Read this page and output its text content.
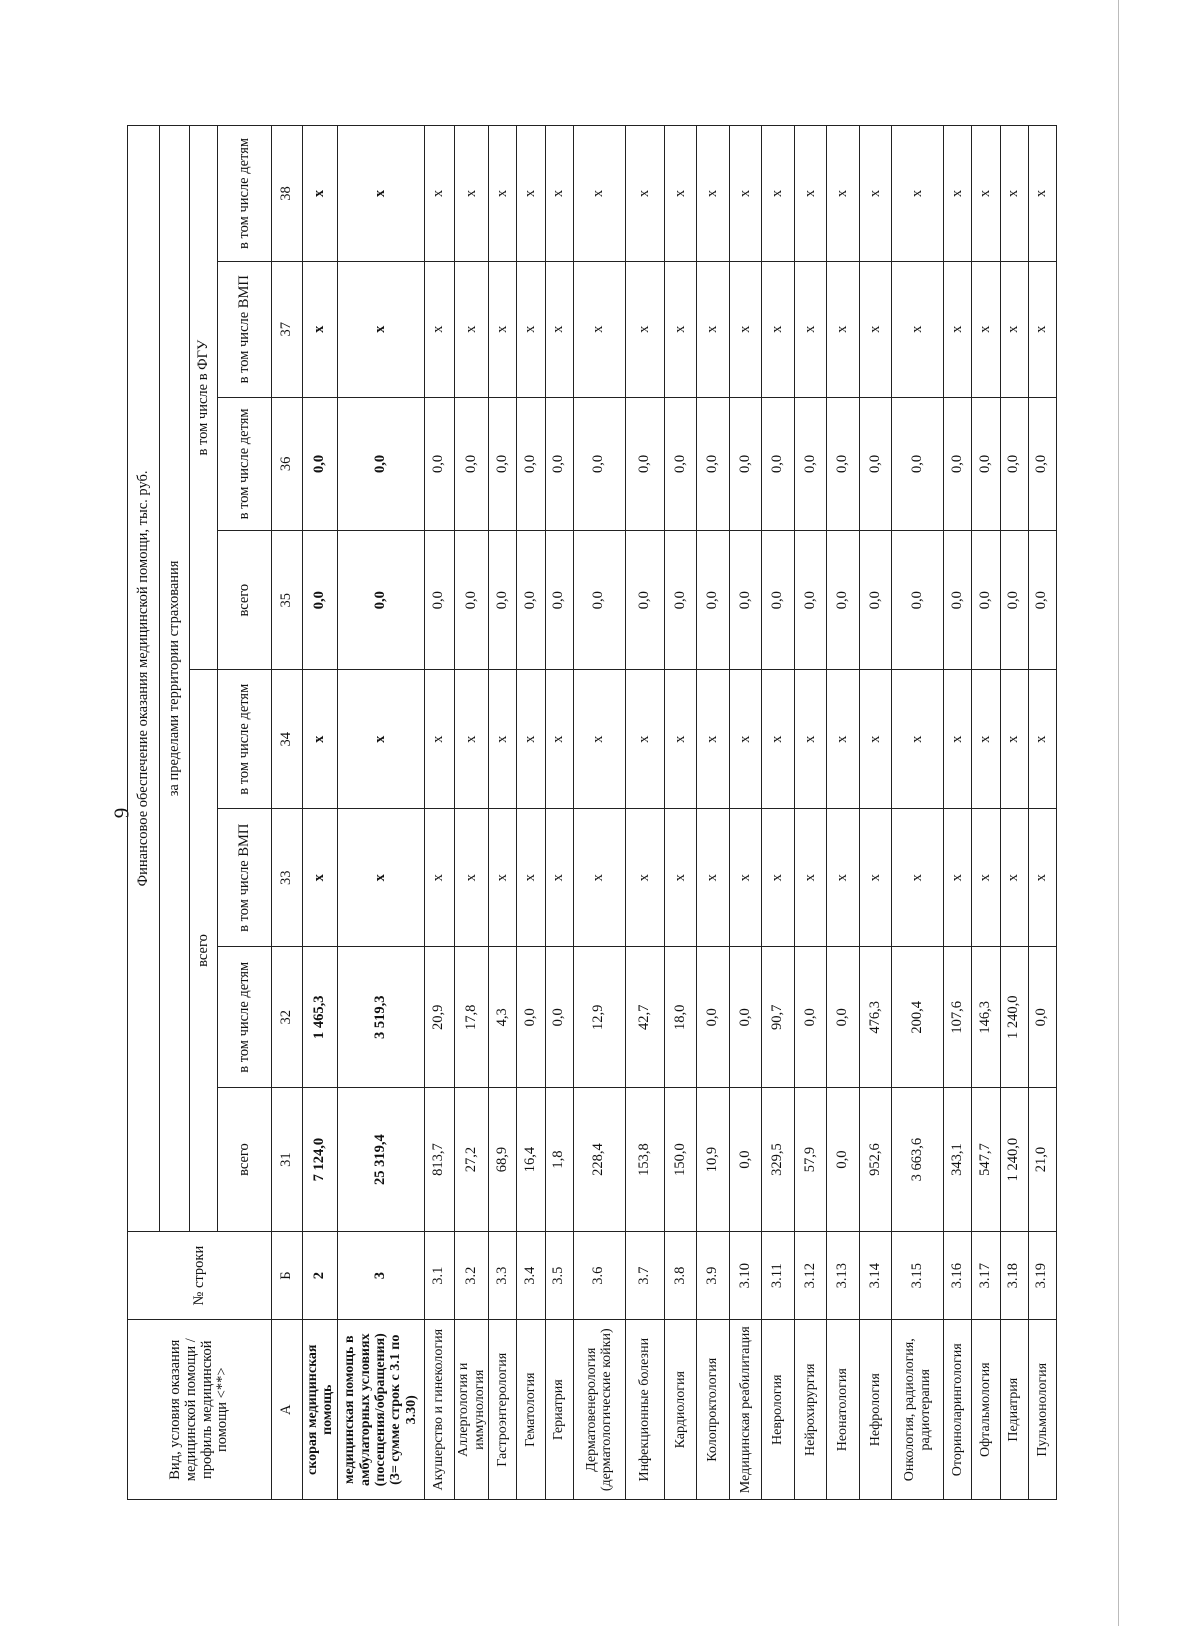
9
Вид, условия оказания медицинской помощи / профиль медицинской помощи <**>	№ строки	Финансовое обеспечение оказания медицинской помощи, тыс. руб.							
		за пределами территории страхования							
		всего				в том числе в ФГУ			

		всего	в том числе детям	в том числе ВМП	в том числе детям	всего	в том числе детям	в том числе ВМП	в том числе детям
А	Б	31	32	33	34	35	36	37	38
скорая медицинская помощь	2	7 124,0	1 465,3	х	х	0,0	0,0	х	х
медицинская помощь в амбулаторных условиях (посещения/обращения) (3= сумме строк с 3.1 по 3.30)	3	25 319,4	3 519,3	х	х	0,0	0,0	х	х
Акушерство и гинекология	3.1	813,7	20,9	х	х	0,0	0,0	х	х
Аллергология и иммунология	3.2	27,2	17,8	х	х	0,0	0,0	х	х
Гастроэнтерология	3.3	68,9	4,3	х	х	0,0	0,0	х	х
Гематология	3.4	16,4	0,0	х	х	0,0	0,0	х	х
Гериатрия	3.5	1,8	0,0	х	х	0,0	0,0	х	х
Дерматовенерология (дерматологические койки)	3.6	228,4	12,9	х	х	0,0	0,0	х	х
Инфекционные болезни	3.7	153,8	42,7	х	х	0,0	0,0	х	х
Кардиология	3.8	150,0	18,0	х	х	0,0	0,0	х	х
Колопроктология	3.9	10,9	0,0	х	х	0,0	0,0	х	х
Медицинская реабилитация	3.10	0,0	0,0	х	х	0,0	0,0	х	х
Неврология	3.11	329,5	90,7	х	х	0,0	0,0	х	х
Нейрохирургия	3.12	57,9	0,0	х	х	0,0	0,0	х	х
Неонатология	3.13	0,0	0,0	х	х	0,0	0,0	х	х
Нефрология	3.14	952,6	476,3	х	х	0,0	0,0	х	х
Онкология, радиология, радиотерапия	3.15	3 663,6	200,4	х	х	0,0	0,0	х	х
Оториноларингология	3.16	343,1	107,6	х	х	0,0	0,0	х	х
Офтальмология	3.17	547,7	146,3	х	х	0,0	0,0	х	х
Педиатрия	3.18	1 240,0	1 240,0	х	х	0,0	0,0	х	х
Пульмонология	3.19	21,0	0,0	х	х	0,0	0,0	х	х
